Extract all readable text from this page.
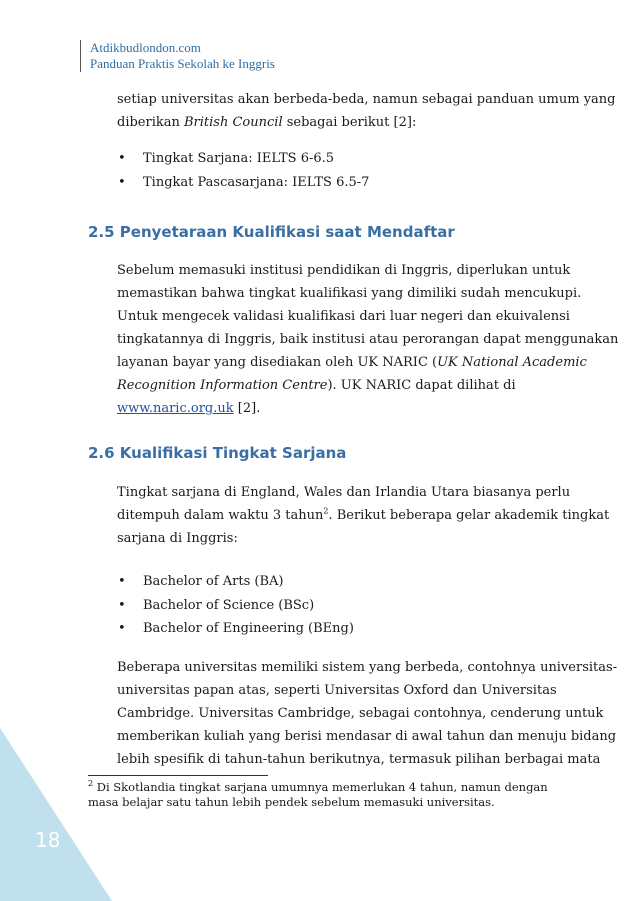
Atdikbudlondon.com
Panduan Praktis Sekolah ke Inggris
setiap universitas akan berbeda-beda, namun sebagai panduan umum yang
diberikan British Council sebagai berikut [2]:
• Tingkat Sarjana: IELTS 6-6.5
• Tingkat Pascasarjana: IELTS 6.5-7
2.5 Penyetaraan Kualifikasi saat Mendaftar
Sebelum memasuki institusi pendidikan di Inggris, diperlukan untuk
memastikan bahwa tingkat kualifikasi yang dimiliki sudah mencukupi.
Untuk mengecek validasi kualifikasi dari luar negeri dan ekuivalensi
tingkatannya di Inggris, baik institusi atau perorangan dapat menggunakan
layanan bayar yang disediakan oleh UK NARIC (UK National Academic
Recognition Information Centre). UK NARIC dapat dilihat di
www.naric.org.uk [2].
2.6 Kualifikasi Tingkat Sarjana
Tingkat sarjana di England, Wales dan Irlandia Utara biasanya perlu
ditempuh dalam waktu 3 tahun$^2$. Berikut beberapa gelar akademik tingkat
sarjana di Inggris:
• Bachelor of Arts (BA)
• Bachelor of Science (BSc)
• Bachelor of Engineering (BEng)
Beberapa universitas memiliki sistem yang berbeda, contohnya universitas-
universitas papan atas, seperti Universitas Oxford dan Universitas
Cambridge. Universitas Cambridge, sebagai contohnya, cenderung untuk
memberikan kuliah yang berisi mendasar di awal tahun dan menuju bidang
lebih spesifik di tahun-tahun berikutnya, termasuk pilihan berbagai mata
$^2$ Di Skotlandia tingkat sarjana umumnya memerlukan 4 tahun, namun dengan
masa belajar satu tahun lebih pendek sebelum memasuki universitas.
18
